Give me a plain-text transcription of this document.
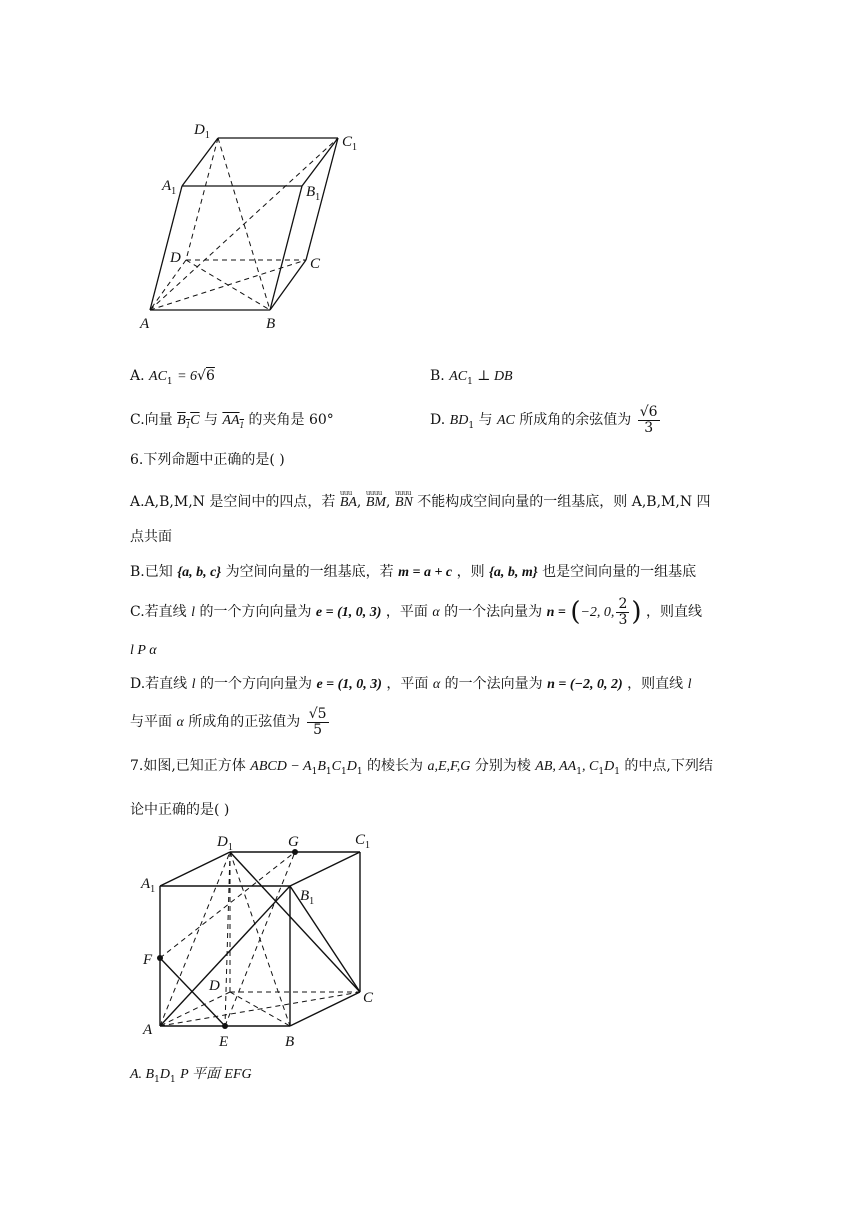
$D_1$	$C_1$
$A_1$	$B_1$
D	C
A	B
A. $AC_1 = 6√6$	B. $AC_1$ ⊥ DB
C.向量 $B_1C$ 与 $AA_1$ 的夹角是 60°	D. $BD_1$ 与 AC 所成角的余弦值为 $\frac{√6}{3}$
6.下列命题中正确的是( )
A.A,B,M,N 是空间中的四点，若
uuu
BA,
uuuu
BM,
uuuu
BN 不能构成空间向量的一组基底，则 A,B,M,N 四
点共面
B.已知 {a, b, c} 为空间向量的一组基底，若 m = a + c ，则 {a, b, m} 也是空间向量的一组基底
C.若直线 l 的一个方向向量为 e = (1, 0, 3) ，平面 α 的一个法向量为 n = (−2, 0, $\frac{2}{3}$ ) ，则直线
l P α
D.若直线 l 的一个方向向量为 e = (1, 0, 3) ，平面 α 的一个法向量为 n = (−2, 0, 2) ，则直线 l
与平面 α 所成角的正弦值为 $\frac{√5}{5}$
7.如图,已知正方体 ABCD − $A_1B_1C_1D_1$ 的棱长为 a,E,F,G 分别为棱 AB, $AA_1$, $C_1D_1$ 的中点,下列结
论中正确的是( )
$D_1$	G	$C_1$
$A_1$	$B_1$
F
D
C
A
E	B
A. $B_1D_1$ P 平面 EFG
